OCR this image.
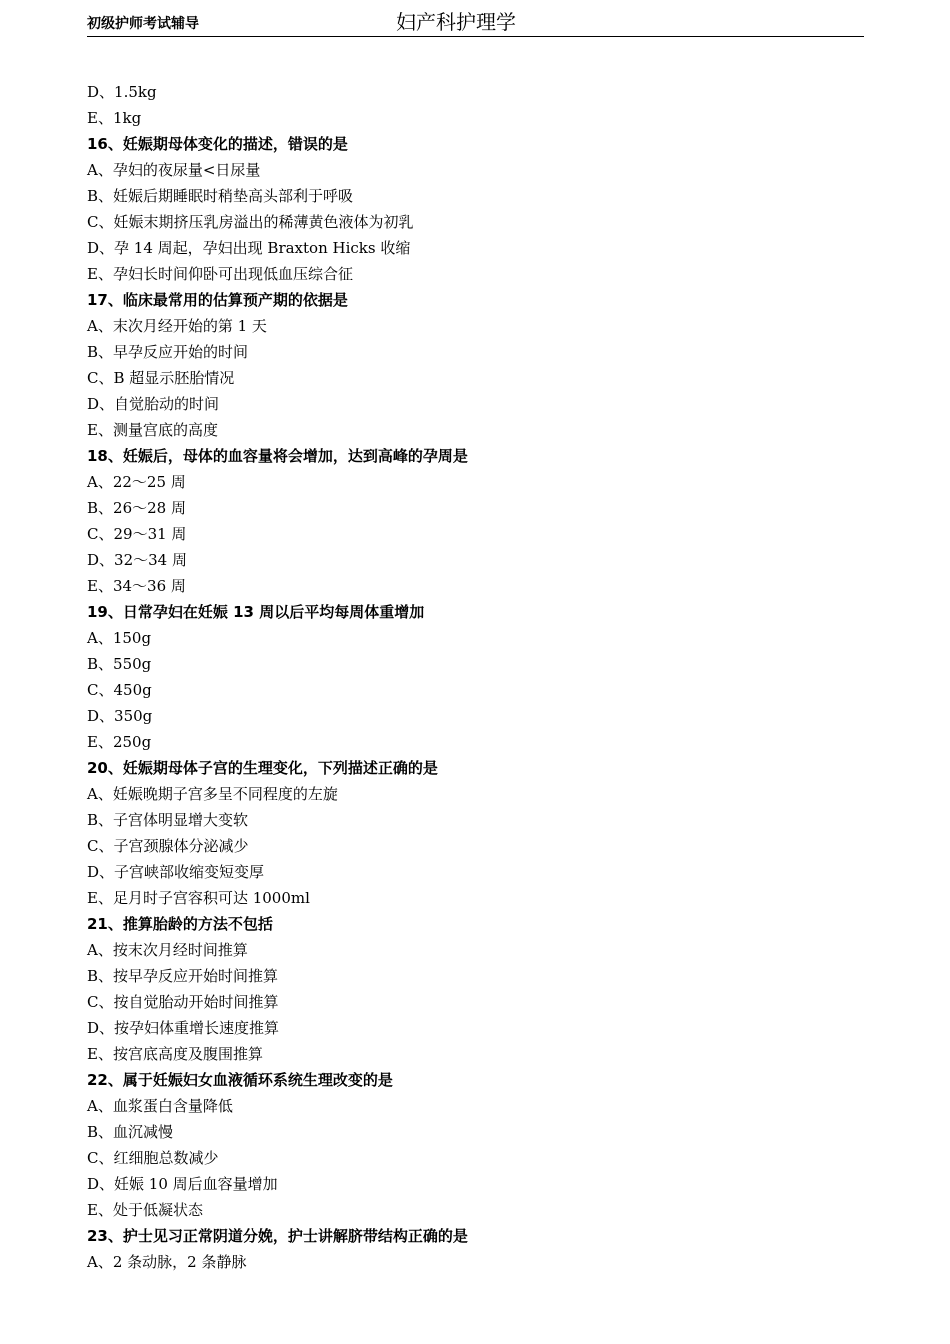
初级护师考试辅导	妇产科护理学
D、1.5kg
E、1kg
16、妊娠期母体变化的描述，错误的是
A、孕妇的夜尿量<日尿量
B、妊娠后期睡眠时稍垫高头部利于呼吸
C、妊娠末期挤压乳房溢出的稀薄黄色液体为初乳
D、孕 14 周起，孕妇出现 Braxton Hicks 收缩
E、孕妇长时间仰卧可出现低血压综合征
17、临床最常用的估算预产期的依据是
A、末次月经开始的第 1 天
B、早孕反应开始的时间
C、B 超显示胚胎情况
D、自觉胎动的时间
E、测量宫底的高度
18、妊娠后，母体的血容量将会增加，达到高峰的孕周是
A、22～25 周
B、26～28 周
C、29～31 周
D、32～34 周
E、34～36 周
19、日常孕妇在妊娠 13 周以后平均每周体重增加
A、150g
B、550g
C、450g
D、350g
E、250g
20、妊娠期母体子宫的生理变化，下列描述正确的是
A、妊娠晚期子宫多呈不同程度的左旋
B、子宫体明显增大变软
C、子宫颈腺体分泌减少
D、子宫峡部收缩变短变厚
E、足月时子宫容积可达 1000ml
21、推算胎龄的方法不包括
A、按末次月经时间推算
B、按早孕反应开始时间推算
C、按自觉胎动开始时间推算
D、按孕妇体重增长速度推算
E、按宫底高度及腹围推算
22、属于妊娠妇女血液循环系统生理改变的是
A、血浆蛋白含量降低
B、血沉减慢
C、红细胞总数减少
D、妊娠 10 周后血容量增加
E、处于低凝状态
23、护士见习正常阴道分娩，护士讲解脐带结构正确的是
A、2 条动脉，2 条静脉
